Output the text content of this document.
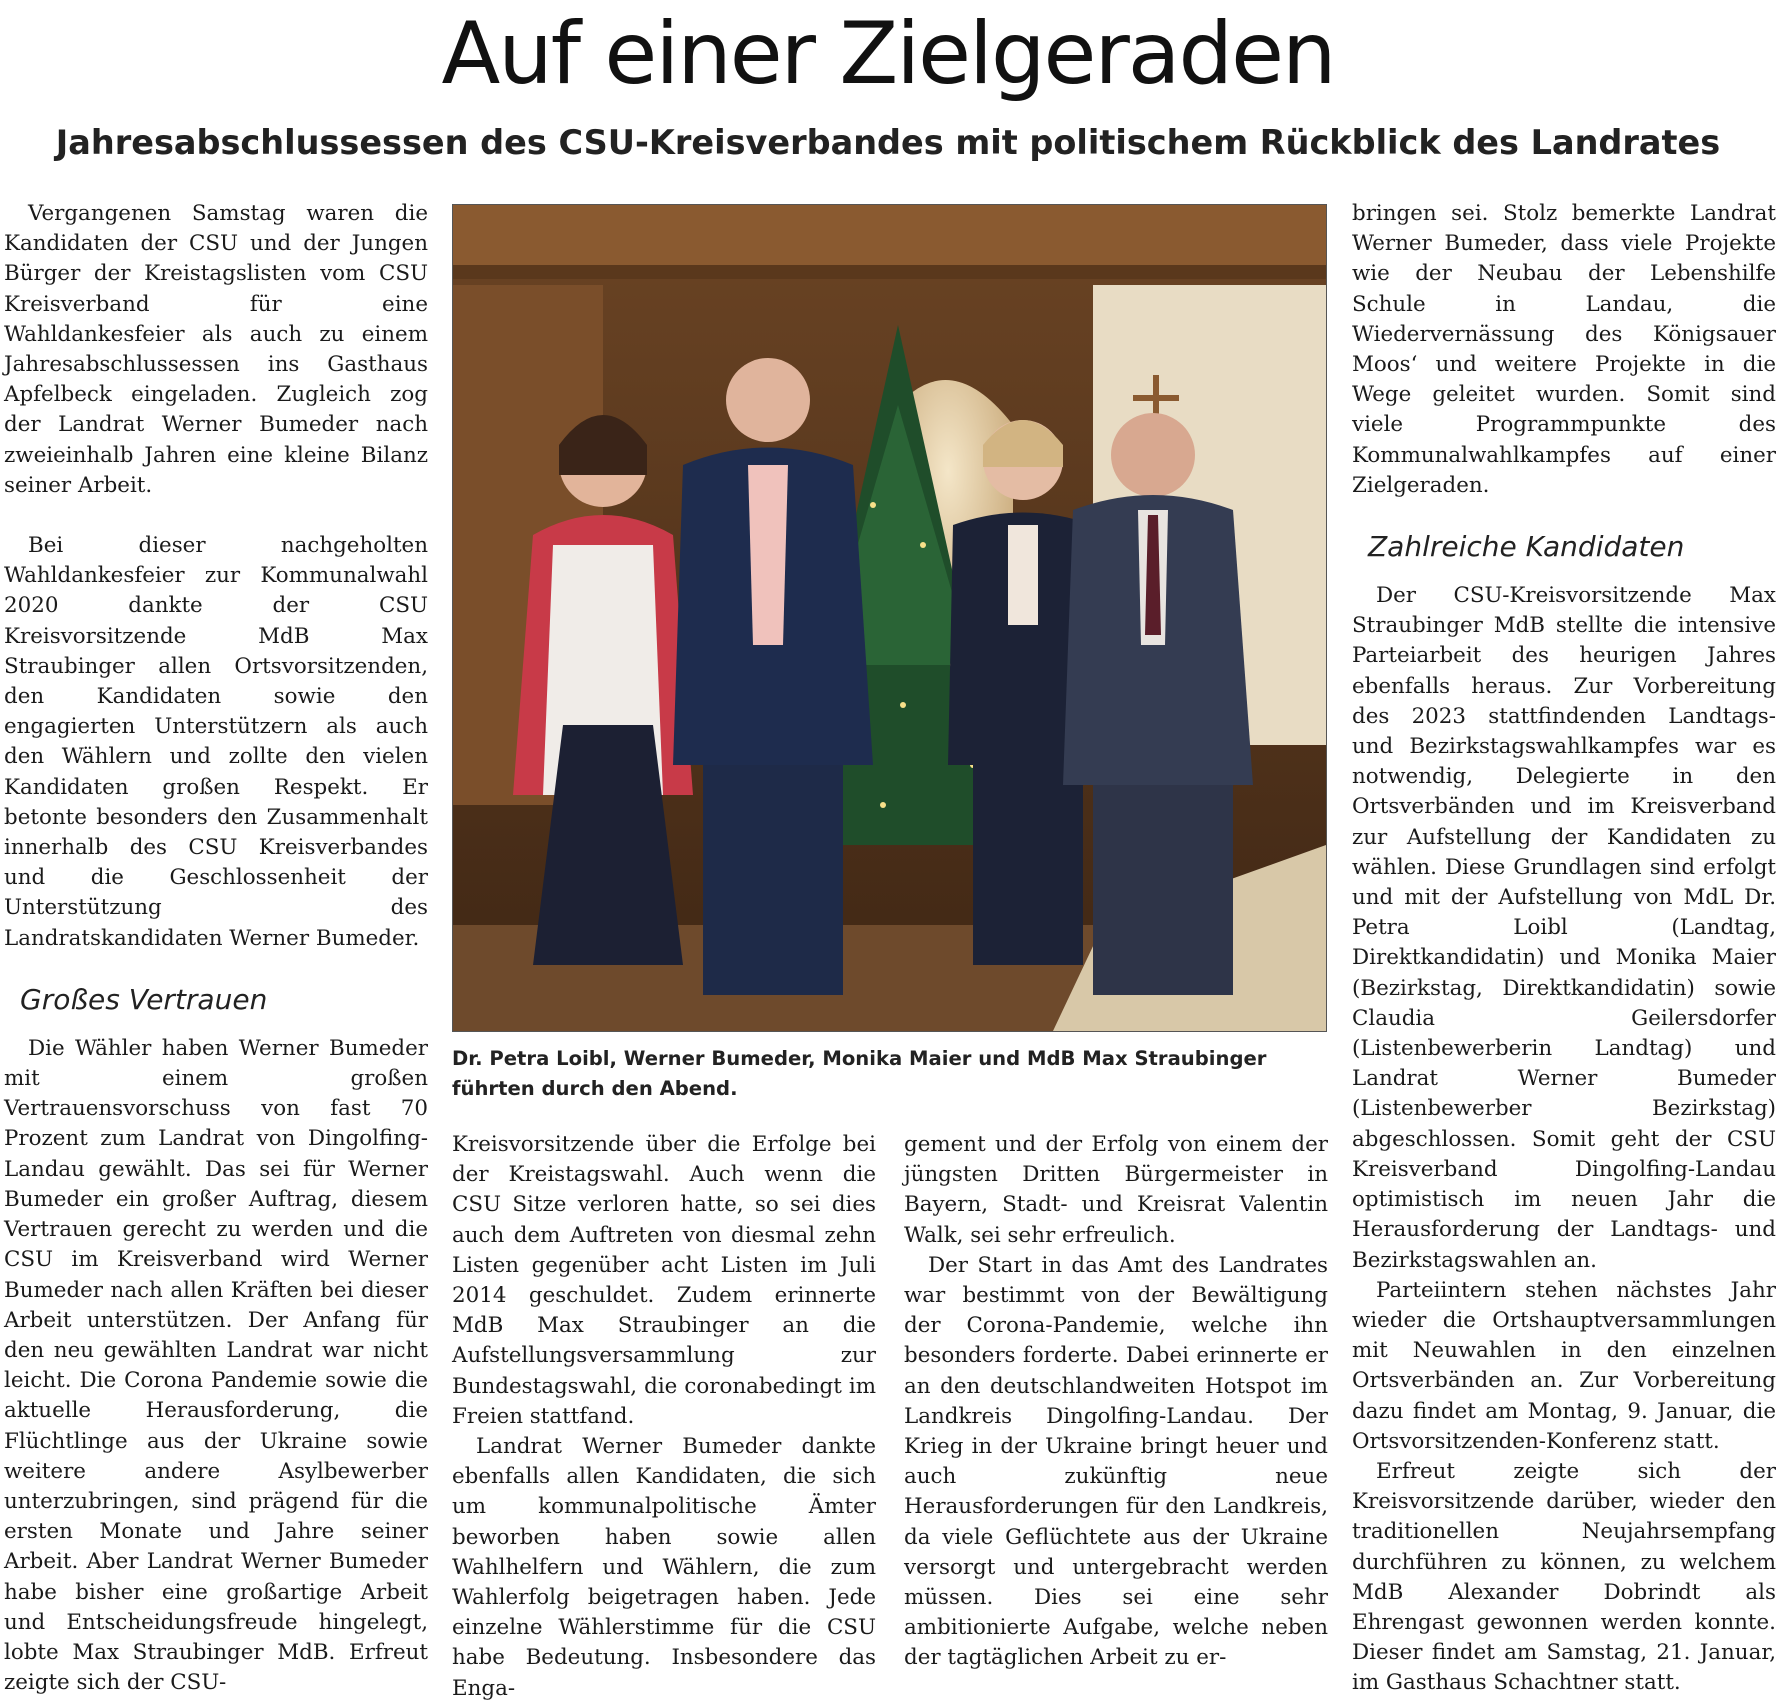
Auf einer Zielgeraden
Jahresabschlussessen des CSU-Kreisverbandes mit politischem Rückblick des Landrates

Vergangenen Samstag waren die Kandidaten der CSU und der Jungen Bürger der Kreistagslisten vom CSU Kreisverband für eine Wahldankesfeier als auch zu einem Jahresabschlussessen ins Gasthaus Apfelbeck eingeladen. Zugleich zog der Landrat Werner Bumeder nach zweieinhalb Jahren eine kleine Bilanz seiner Arbeit.

Bei dieser nachgeholten Wahldankesfeier zur Kommunalwahl 2020 dankte der CSU Kreisvorsitzende MdB Max Straubinger allen Ortsvorsitzenden, den Kandidaten sowie den engagierten Unterstützern als auch den Wählern und zollte den vielen Kandidaten großen Respekt. Er betonte besonders den Zusammenhalt innerhalb des CSU Kreisverbandes und die Geschlossenheit der Unterstützung des Landratskandidaten Werner Bumeder.

Großes Vertrauen

Die Wähler haben Werner Bumeder mit einem großen Vertrauensvorschuss von fast 70 Prozent zum Landrat von Dingolfing-Landau gewählt. Das sei für Werner Bumeder ein großer Auftrag, diesem Vertrauen gerecht zu werden und die CSU im Kreisverband wird Werner Bumeder nach allen Kräften bei dieser Arbeit unterstützen. Der Anfang für den neu gewählten Landrat war nicht leicht. Die Corona Pandemie sowie die aktuelle Herausforderung, die Flüchtlinge aus der Ukraine sowie weitere andere Asylbewerber unterzubringen, sind prägend für die ersten Monate und Jahre seiner Arbeit. Aber Landrat Werner Bumeder habe bisher eine großartige Arbeit und Entscheidungsfreude hingelegt, lobte Max Straubinger MdB. Erfreut zeigte sich der CSU-

Dr. Petra Loibl, Werner Bumeder, Monika Maier und MdB Max Straubinger führten durch den Abend.

Kreisvorsitzende über die Erfolge bei der Kreistagswahl. Auch wenn die CSU Sitze verloren hatte, so sei dies auch dem Auftreten von diesmal zehn Listen gegenüber acht Listen im Juli 2014 geschuldet. Zudem erinnerte MdB Max Straubinger an die Aufstellungsversammlung zur Bundestagswahl, die coronabedingt im Freien stattfand.

Landrat Werner Bumeder dankte ebenfalls allen Kandidaten, die sich um kommunalpolitische Ämter beworben haben sowie allen Wahlhelfern und Wählern, die zum Wahlerfolg beigetragen haben. Jede einzelne Wählerstimme für die CSU habe Bedeutung. Insbesondere das Enga-

gement und der Erfolg von einem der jüngsten Dritten Bürgermeister in Bayern, Stadt- und Kreisrat Valentin Walk, sei sehr erfreulich.

Der Start in das Amt des Landrates war bestimmt von der Bewältigung der Corona-Pandemie, welche ihn besonders forderte. Dabei erinnerte er an den deutschlandweiten Hotspot im Landkreis Dingolfing-Landau. Der Krieg in der Ukraine bringt heuer und auch zukünftig neue Herausforderungen für den Landkreis, da viele Geflüchtete aus der Ukraine versorgt und untergebracht werden müssen. Dies sei eine sehr ambitionierte Aufgabe, welche neben der tagtäglichen Arbeit zu er-

bringen sei. Stolz bemerkte Landrat Werner Bumeder, dass viele Projekte wie der Neubau der Lebenshilfe Schule in Landau, die Wiedervernässung des Königsauer Moos‘ und weitere Projekte in die Wege geleitet wurden. Somit sind viele Programmpunkte des Kommunalwahlkampfes auf einer Zielgeraden.

Zahlreiche Kandidaten

Der CSU-Kreisvorsitzende Max Straubinger MdB stellte die intensive Parteiarbeit des heurigen Jahres ebenfalls heraus. Zur Vorbereitung des 2023 stattfindenden Landtags- und Bezirkstagswahlkampfes war es notwendig, Delegierte in den Ortsverbänden und im Kreisverband zur Aufstellung der Kandidaten zu wählen. Diese Grundlagen sind erfolgt und mit der Aufstellung von MdL Dr. Petra Loibl (Landtag, Direktkandidatin) und Monika Maier (Bezirkstag, Direktkandidatin) sowie Claudia Geilersdorfer (Listenbewerberin Landtag) und Landrat Werner Bumeder (Listenbewerber Bezirkstag) abgeschlossen. Somit geht der CSU Kreisverband Dingolfing-Landau optimistisch im neuen Jahr die Herausforderung der Landtags- und Bezirkstagswahlen an.

Parteiintern stehen nächstes Jahr wieder die Ortshauptversammlungen mit Neuwahlen in den einzelnen Ortsverbänden an. Zur Vorbereitung dazu findet am Montag, 9. Januar, die Ortsvorsitzenden-Konferenz statt.

Erfreut zeigte sich der Kreisvorsitzende darüber, wieder den traditionellen Neujahrsempfang durchführen zu können, zu welchem MdB Alexander Dobrindt als Ehrengast gewonnen werden konnte. Dieser findet am Samstag, 21. Januar, im Gasthaus Schachtner statt.
